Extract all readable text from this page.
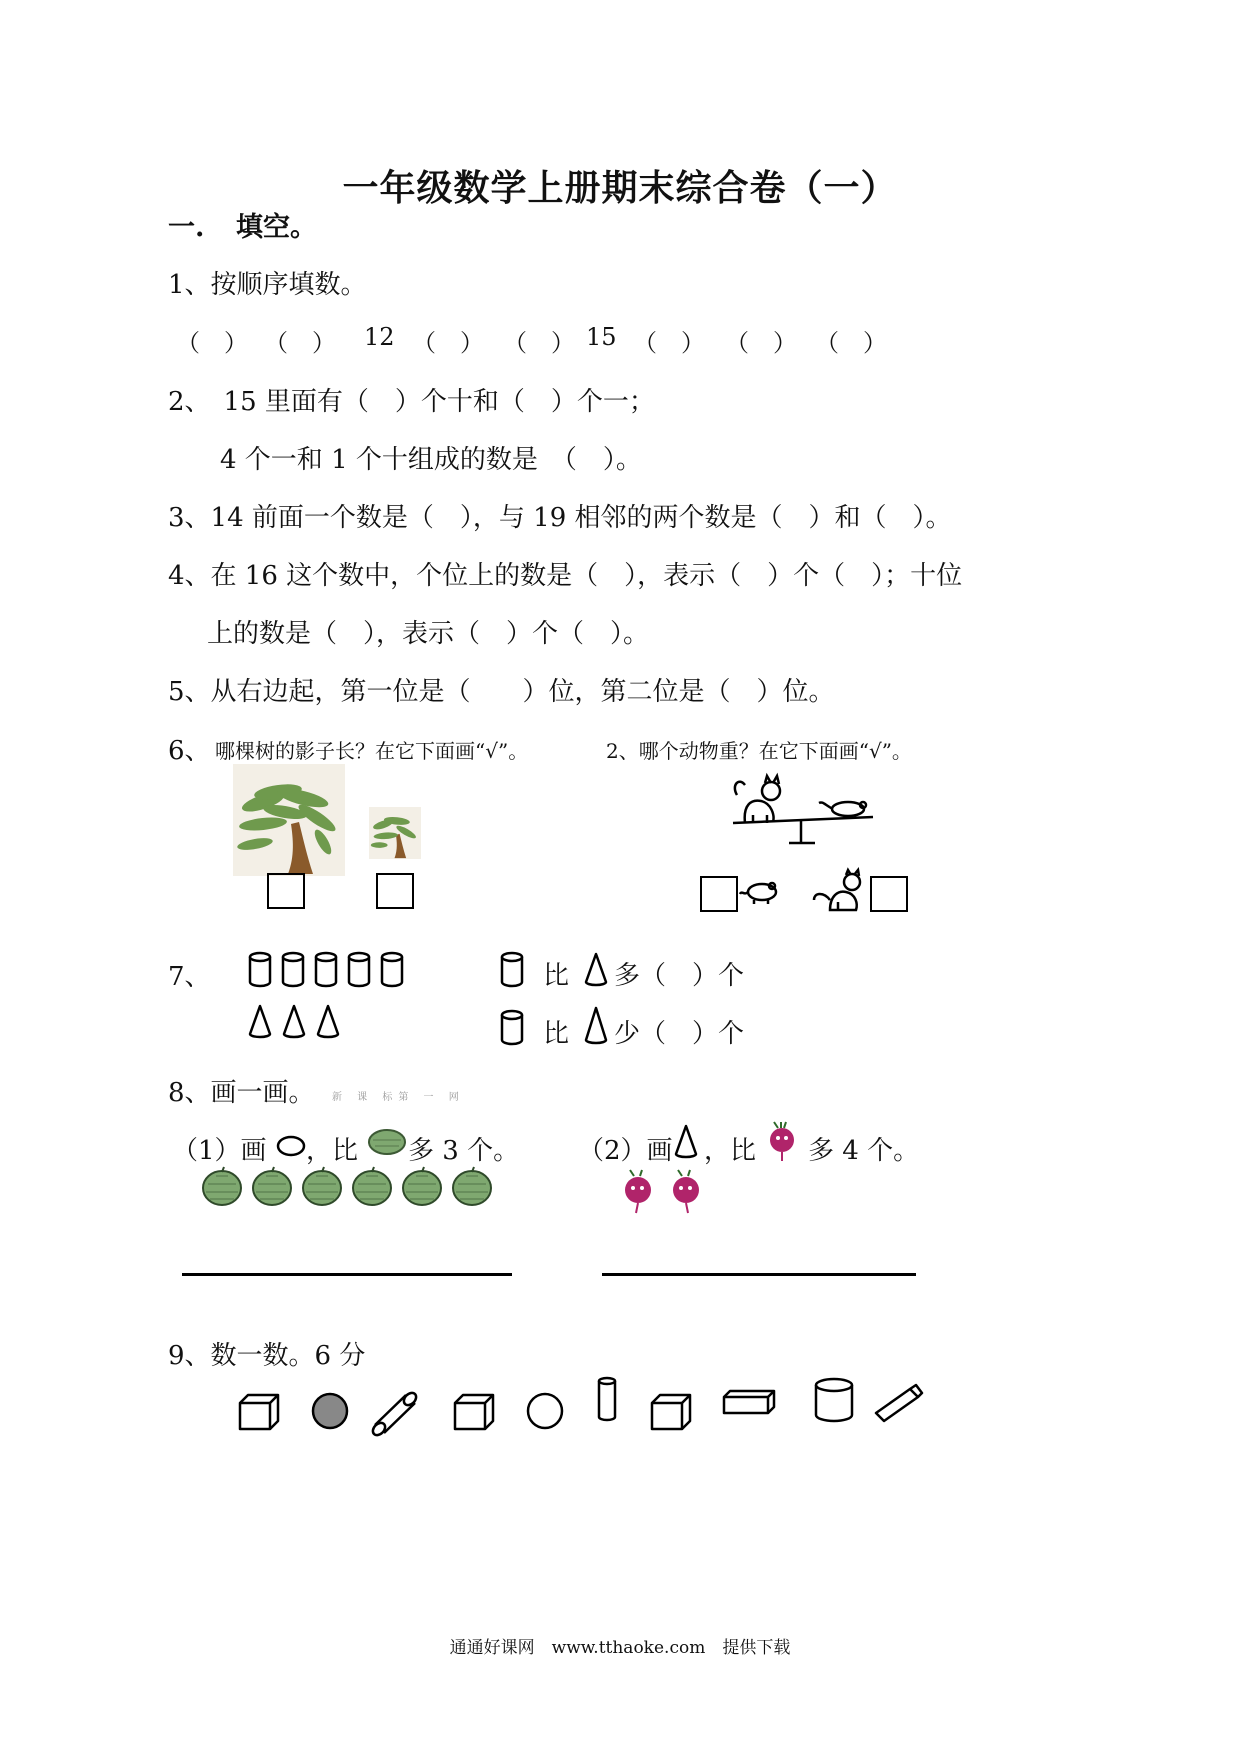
一年级数学上册期末综合卷（一）
一. 填空。
1、按顺序填数。
（　） （　） 12 （　） （　） 15 （　） （　） （　）
2、　15 里面有（　）个十和（　）个一；
4 个一和 1 个十组成的数是　（　）。
3、14 前面一个数是（　），与 19 相邻的两个数是（　）和（　）。
4、在 16 这个数中，个位上的数是（　），表示（　）个（　）；十位
上的数是（　），表示（　）个（　）。
5、从右边起，第一位是（　　）位，第二位是（　）位。
6、 哪棵树的影子长？在它下面画“√”。	2、哪个动物重？在它下面画“√”。
7、	比 多（　）个
比 少（　）个
8、画一画。 新 课 标第 一 网
（1）画 ，比 多 3 个。 （2）画 ，比 多 4 个。
9、数一数。6 分
通通好课网　www.tthaoke.com　提供下载
